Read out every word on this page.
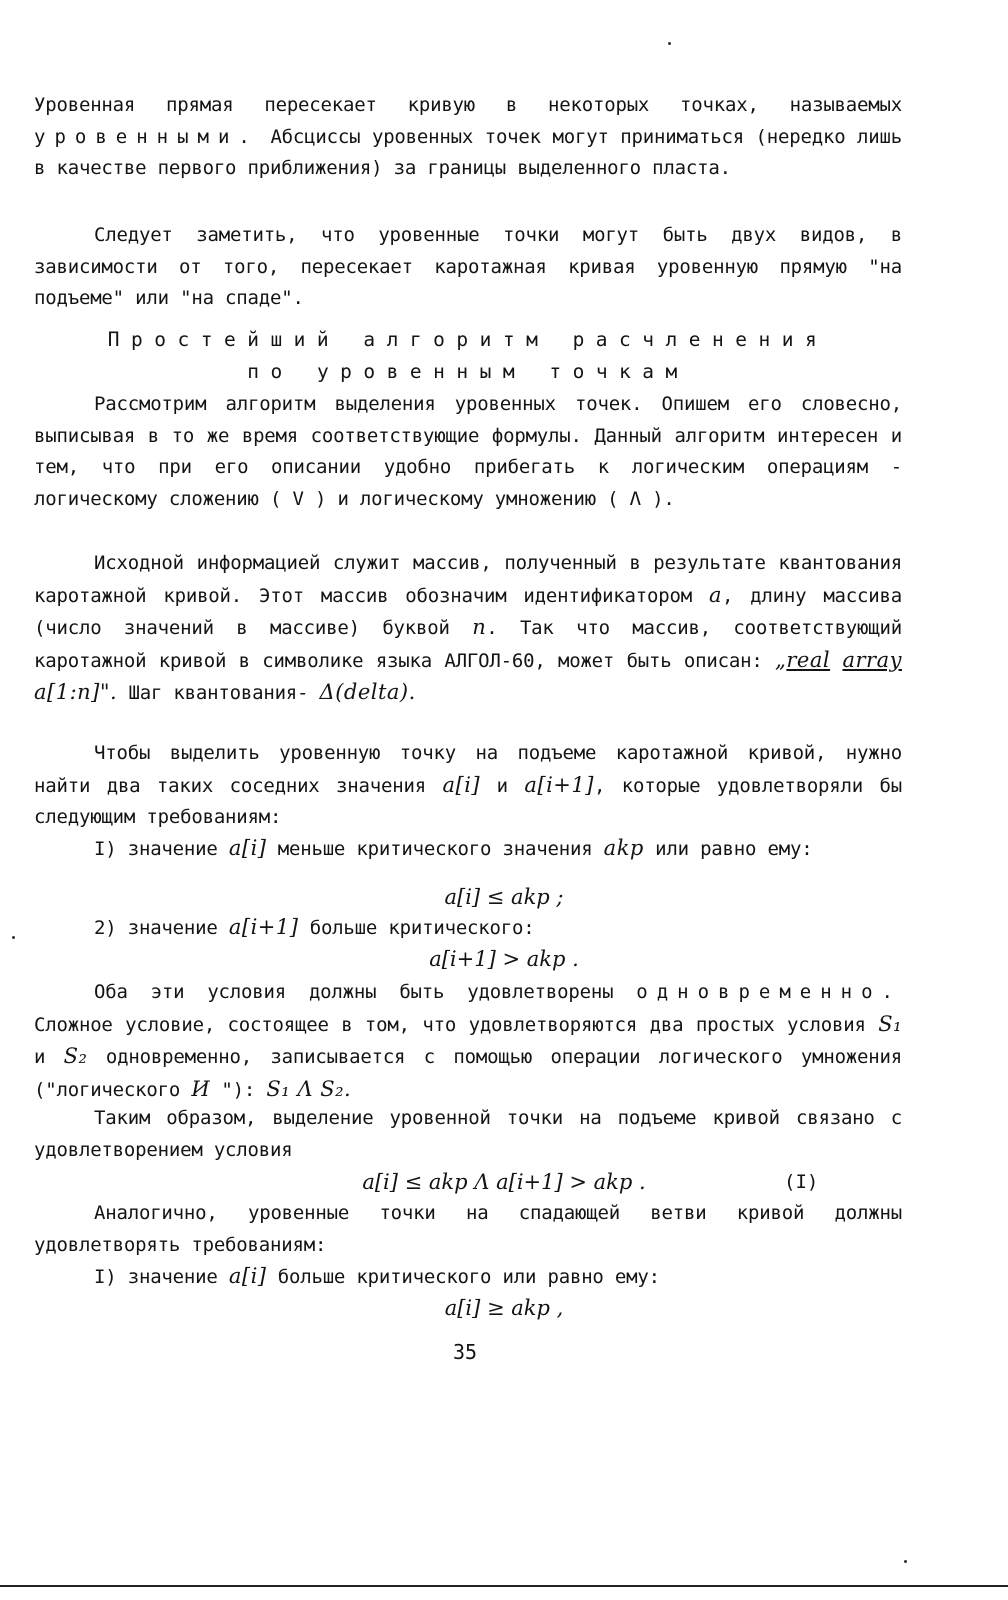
Уровенная прямая пересекает кривую в некоторых точках, называемых уровенными. Абсциссы уровенных точек могут приниматься (нередко лишь в качестве первого приближения) за границы выделенного пласта.
Следует заметить, что уровенные точки могут быть двух видов, в зависимости от того, пересекает каротажная кривая уровенную прямую "на подъеме" или "на спаде".
Простейший алгоритм расчленения
по уровенным точкам
Рассмотрим алгоритм выделения уровенных точек. Опишем его словесно, выписывая в то же время соответствующие формулы. Данный алгоритм интересен и тем, что при его описании удобно прибегать к логическим операциям - логическому сложению ( V ) и логическому умножению ( Λ ).
Исходной информацией служит массив, полученный в результате квантования каротажной кривой. Этот массив обозначим идентификатором a, длину массива (число значений в массиве) буквой n. Так что массив, соответствующий каротажной кривой в символике языка АЛГОЛ-60, может быть описан: „real array a[1:n]". Шаг квантования- Δ(delta).
Чтобы выделить уровенную точку на подъеме каротажной кривой, нужно найти два таких соседних значения a[i] и a[i+1], которые удовлетворяли бы следующим требованиям:
I) значение a[i] меньше критического значения akp или равно ему:
a[i] ≤ akp ;
2) значение a[i+1] больше критического:
a[i+1] > akp .
Оба эти условия должны быть удовлетворены одновременно. Сложное условие, состоящее в том, что удовлетворяются два простых условия S₁ и S₂ одновременно, записывается с помощью операции логического умножения ("логического И "): S₁ Λ S₂.
Таким образом, выделение уровенной точки на подъеме кривой связано с удовлетворением условия
a[i] ≤ akp Λ a[i+1] > akp .	(I)
Аналогично, уровенные точки на спадающей ветви кривой должны удовлетворять требованиям:
I) значение a[i] больше критического или равно ему:
a[i] ≥ akp ,
35
